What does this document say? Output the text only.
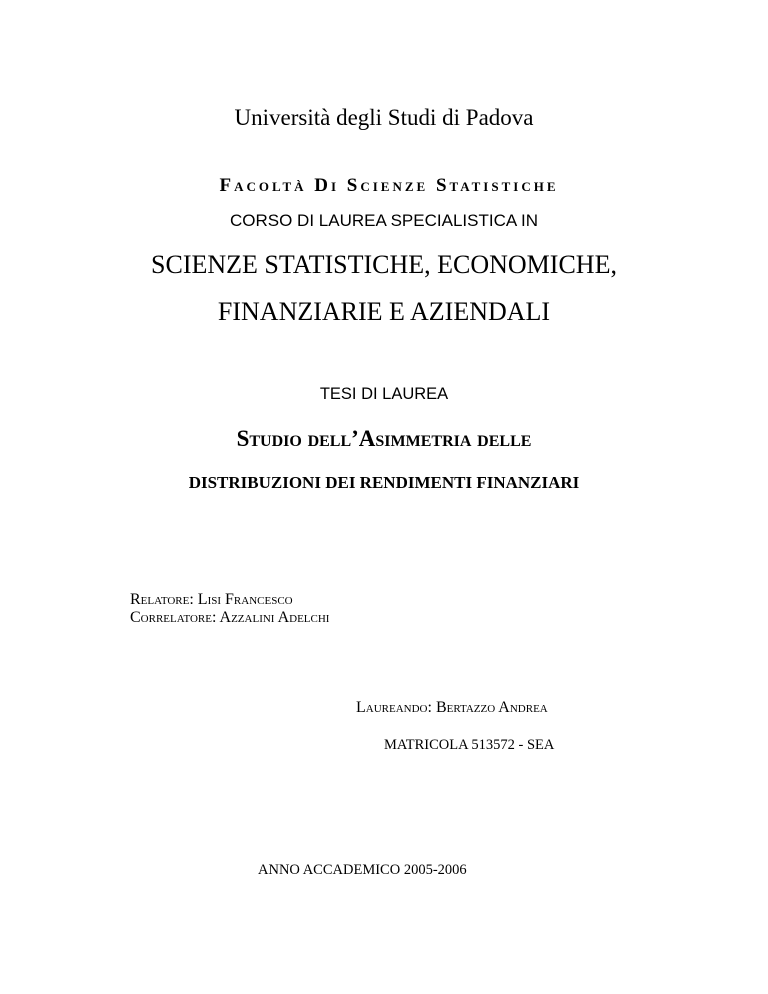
Università degli Studi di Padova
Facoltà Di Scienze Statistiche
CORSO DI LAUREA SPECIALISTICA IN
SCIENZE STATISTICHE, ECONOMICHE,
FINANZIARIE E AZIENDALI
TESI DI LAUREA
Studio dell’Asimmetria delle
DISTRIBUZIONI DEI RENDIMENTI FINANZIARI
Relatore: Lisi Francesco
Correlatore: Azzalini Adelchi
Laureando: Bertazzo Andrea
MATRICOLA 513572 - SEA
ANNO ACCADEMICO 2005-2006
